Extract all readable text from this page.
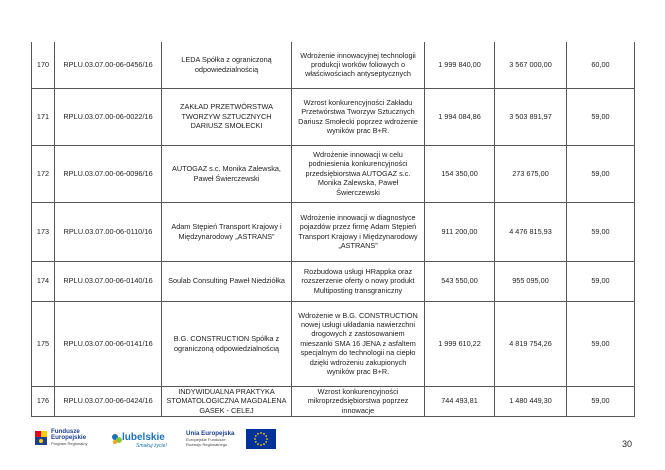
170	RPLU.03.07.00-06-0456/16	LEDA Spółka z ograniczoną odpowiedzialnością	Wdrożenie innowacyjnej technologii produkcji worków foliowych o właściwościach antyseptycznych	1 999 840,00	3 567 000,00	60,00
171	RPLU.03.07.00-06-0022/16	ZAKŁAD PRZETWÓRSTWA TWORZYW SZTUCZNYCH DARIUSZ SMOŁECKI	Wzrost konkurencyjności Zakładu Przetwórstwa Tworzyw Sztucznych Dariusz Smołecki poprzez wdrożenie wyników prac B+R.	1 994 084,86	3 503 891,97	59,00
172	RPLU.03.07.00-06-0096/16	AUTOGAZ s.c. Monika Zalewska, Paweł Świerczewski	Wdrożenie innowacji w celu podniesienia konkurencyjności przedsiębiorstwa AUTOGAZ s.c. Monika Zalewska, Paweł Świerczewski	154 350,00	273 675,00	59,00
173	RPLU.03.07.00-06-0110/16	Adam Stępień Transport Krajowy i Międzynarodowy „ASTRANS”	Wdrożenie innowacji w diagnostyce pojazdów przez firmę Adam Stępień Transport Krajowy i Międzynarodowy „ASTRANS”	911 200,00	4 476 815,93	59,00
174	RPLU.03.07.00-06-0140/16	Soulab Consulting Paweł Niedziółka	Rozbudowa usługi HRappka oraz rozszerzenie oferty o nowy produkt Multiposting transgraniczny	543 550,00	955 095,00	59,00
175	RPLU.03.07.00-06-0141/16	B.G. CONSTRUCTION Spółka z ograniczoną odpowiedzialnością	Wdrożenie w B.G. CONSTRUCTION nowej usługi układania nawierzchni drogowych z zastosowaniem mieszanki SMA 16 JENA z asfaltem specjalnym do technologii na ciepło dzięki wdrożeniu zakupionych wyników prac B+R.	1 999 610,22	4 819 754,26	59,00
176	RPLU.03.07.00-06-0424/16	INDYWIDUALNA PRAKTYKA STOMATOLOGICZNA MAGDALENA GASEK - CELEJ	Wzrost konkurencyjności mikroprzedsiębiorstwa poprzez innowacje	744 493,81	1 480 449,30	59,00
Fundusze
Europejskie
Program Regionalny
lubelskie
Smakuj życie!
Unia Europejska
Europejskie Fundusze
Rozwoju Regionalnego	30
